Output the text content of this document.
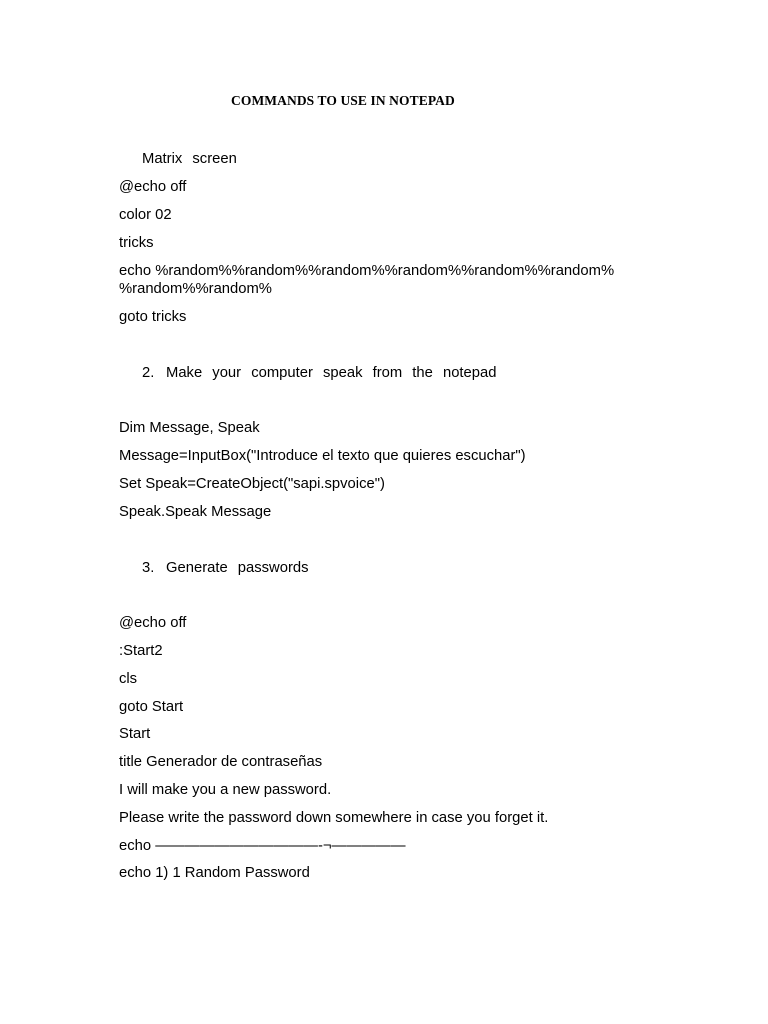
COMMANDS TO USE IN NOTEPAD
Matrix screen
@echo off
color 02
tricks
echo %random%%random%%random%%random%%random%%random%
%random%%random%
goto tricks
2. Make your computer speak from the notepad
Dim Message, Speak
Message=InputBox("Introduce el texto que quieres escuchar")
Set Speak=CreateObject("sapi.spvoice")
Speak.Speak Message
3. Generate passwords
@echo off
:Start2
cls
goto Start
Start
title Generador de contraseñas
I will make you a new password.
Please write the password down somewhere in case you forget it.
echo ———————————-¬—————
echo 1) 1 Random Password
